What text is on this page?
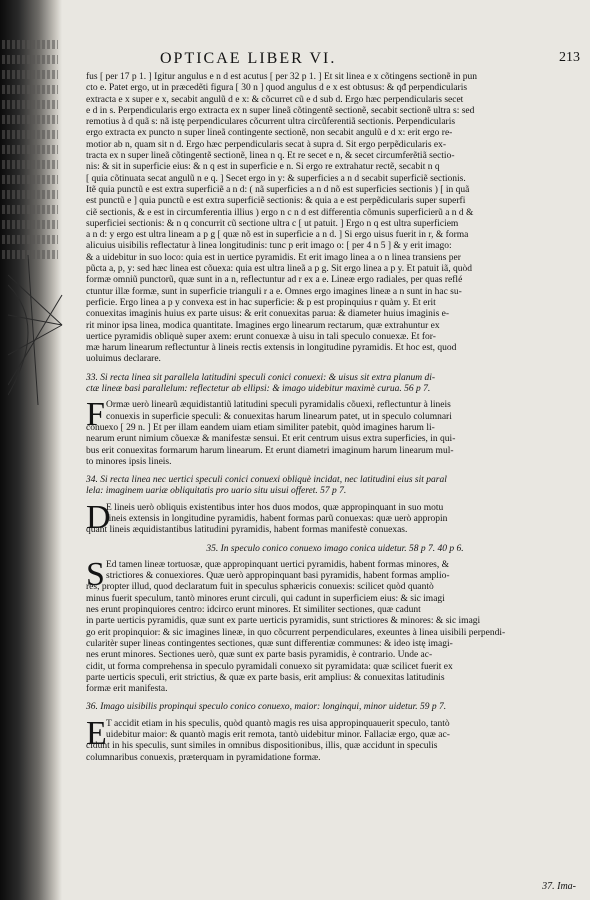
OPTICAE LIBER VI.	213
fus [ per 17 p 1. ] Igitur angulus e n d est acutus [ per 32 p 1. ] Et sit linea e x cõtingens sectionẽ in pun
cto e. Patet ergo, ut in præcedẽti figura [ 30 n ] quod angulus d e x est obtusus: & qđ perpendicularis
extracta e x super e x, secabit angulũ d e x: & cõcurret cũ e d sub d. Ergo hæc perpendicularis secet
e d in s. Perpendicularis ergo extracta ex n super lineã cõtingentẽ sectionẽ, secabit sectionẽ ultra s: sed
remotius à d quã s: nã istę perpendiculares cõcurrent ultra circũferentiã sectionis. Perpendicularis
ergo extracta ex puncto n super lineã contingente sectionẽ, non secabit angulũ e d x: erit ergo re-
motior ab n, quam sit n d. Ergo hæc perpendicularis secat à supra d. Sit ergo perpẽdicularis ex-
tracta ex n super lineã cõtingentẽ sectionẽ, linea n q. Et re secet e n, & secet circumferẽtiã sectio-
nis: & sit in superficie eius: & n q est in superficie e n. Si ergo re extrahatur rectẽ, secabit n q
[ quia cõtinuata secat angulũ n e q. ] Secet ergo in y: & superficies a n d secabit superficiẽ sectionis.
Itẽ quia punctũ e est extra superficiẽ a n d: ( nã superficies a n d nõ est superficies sectionis ) [ in quã
est punctũ e ] quia punctũ e est extra superficiẽ sectionis: & quia a e est perpẽdicularis super superfi
ciẽ sectionis, & e est in circumferentia illius ) ergo n c n d est differentia cõmunis superficierũ a n d &
superficiei sectionis: & n q concurrit cũ sectione ultra c [ ut patuit. ] Ergo n q est ultra superficiem
a n d: y ergo est ultra lineam a p g [ quæ nõ est in superficie a n d. ] Si ergo uisus fuerit in r, & forma
alicuius uisibilis reflectatur à linea longitudinis: tunc p erit imago o: [ per 4 n 5 ] & y erit imago:
& a uidebitur in suo loco: quia est in uertice pyramidis. Et erit imago linea a o n linea transiens per
pũcta a, p, y: sed hæc linea est cõuexa: quia est ultra lineã a p g. Sit ergo linea a p y. Et patuit iã, quòd
formæ omniũ punctorũ, quæ sunt in a n, reflectuntur ad r ex a e. Lineæ ergo radiales, per quas reflé
ctuntur illæ formæ, sunt in superficie trianguli r a e. Omnes ergo imagines lineæ a n sunt in hac su-
perficie. Ergo linea a p y convexa est in hac superficie: & p est propinquius r quàm y. Et erit
conuexitas imaginis huius ex parte uisus: & erit conuexitas parua: & diameter huius imaginis e-
rit minor ipsa linea, modica quantitate. Imagines ergo linearum rectarum, quæ extrahuntur ex
uertice pyramidis obliquè super axem: erunt conuexæ à uisu in tali speculo conuexæ. Et for-
mæ harum linearum reflectuntur à lineis rectis extensis in longitudine pyramidis. Et hoc est, quod
uoluimus declarare.
33. Si recta linea sit parallela latitudini speculi conici conuexi: & uisus sit extra planum di-
ctæ lineæ basi parallelum: reflectetur ab ellipsi: & imago uidebitur maximè curua. 56 p 7.
F Ormæ uerò linearũ æquidistantiũ latitudini speculi pyramidalis cõuexi, reflectuntur à lineis
conuexis in superficie speculi: & conuexitas harum linearum patet, ut in speculo columnari
conuexo [ 29 n. ] Et per illam eandem uiam etiam similiter patebit, quòd imagines harum li-
nearum erunt nimium cõuexæ & manifestæ sensui. Et erit centrum uisus extra superficies, in qui-
bus erit conuexitas formarum harum linearum. Et erunt diametri imaginum harum linearum mul-
to minores ipsis lineis.
34. Si recta linea nec uertici speculi conici conuexi obliquè incidat, nec latitudini eius sit paral
lela: imaginem uariæ obliquitatis pro uario situ uisui offeret. 57 p 7.
D
E lineis uerò obliquis existentibus inter hos duos modos, quæ appropinquant in suo motu
lineis extensis in longitudine pyramidis, habent formas parũ conuexas: quæ uerò appropin
quant lineis æquidistantibus latitudini pyramidis, habent formas manifestè conuexas.
35. In speculo conico conuexo imago conica uidetur. 58 p 7. 40 p 6.
S Ed tamen lineæ tortuosæ, quæ appropinquant uertici pyramidis, habent formas minores, &
strictiores & conuexiores. Quæ uerò appropinquant basi pyramidis, habent formas amplio-
res, propter illud, quod declaratum fuit in speculus sphæricis conuexis: scilicet quòd quantò
minus fuerit speculum, tantò minores erunt circuli, qui cadunt in superficiem eius: & sic imagi
nes erunt propinquiores centro: idcirco erunt minores. Et similiter sectiones, quæ cadunt
in parte uerticis pyramidis, quæ sunt ex parte uerticis pyramidis, sunt strictiores & minores: & sic imagi
go erit propinquior: & sic imagines lineæ, in quo cõcurrent perpendiculares, exeuntes à linea uisibili perpendi-
cularitèr super lineas contingentes sectiones, quæ sunt differentiæ communes: & ideo istę imagi-
nes erunt minores. Sectiones uerò, quæ sunt ex parte basis pyramidis, è contrario. Unde ac-
cidit, ut forma comprehensa in speculo pyramidali conuexo sit pyramidata: quæ scilicet fuerit ex
parte uerticis speculi, erit strictius, & quæ ex parte basis, erit amplius: & conuexitas latitudinis
formæ erit manifesta.
36. Imago uisibilis propinqui speculo conico conuexo, maior: longinqui, minor uidetur. 59 p 7.
E T accidit etiam in his speculis, quòd quantò magis res uisa appropinquauerit speculo, tantò
uidebitur maior: & quantò magis erit remota, tantò uidebitur minor. Fallaciæ ergo, quæ ac-
cidunt in his speculis, sunt similes in omnibus dispositionibus, illis, quæ accidunt in speculis
columnaribus conuexis, præterquam in pyramidatione formæ.
37. Ima-
